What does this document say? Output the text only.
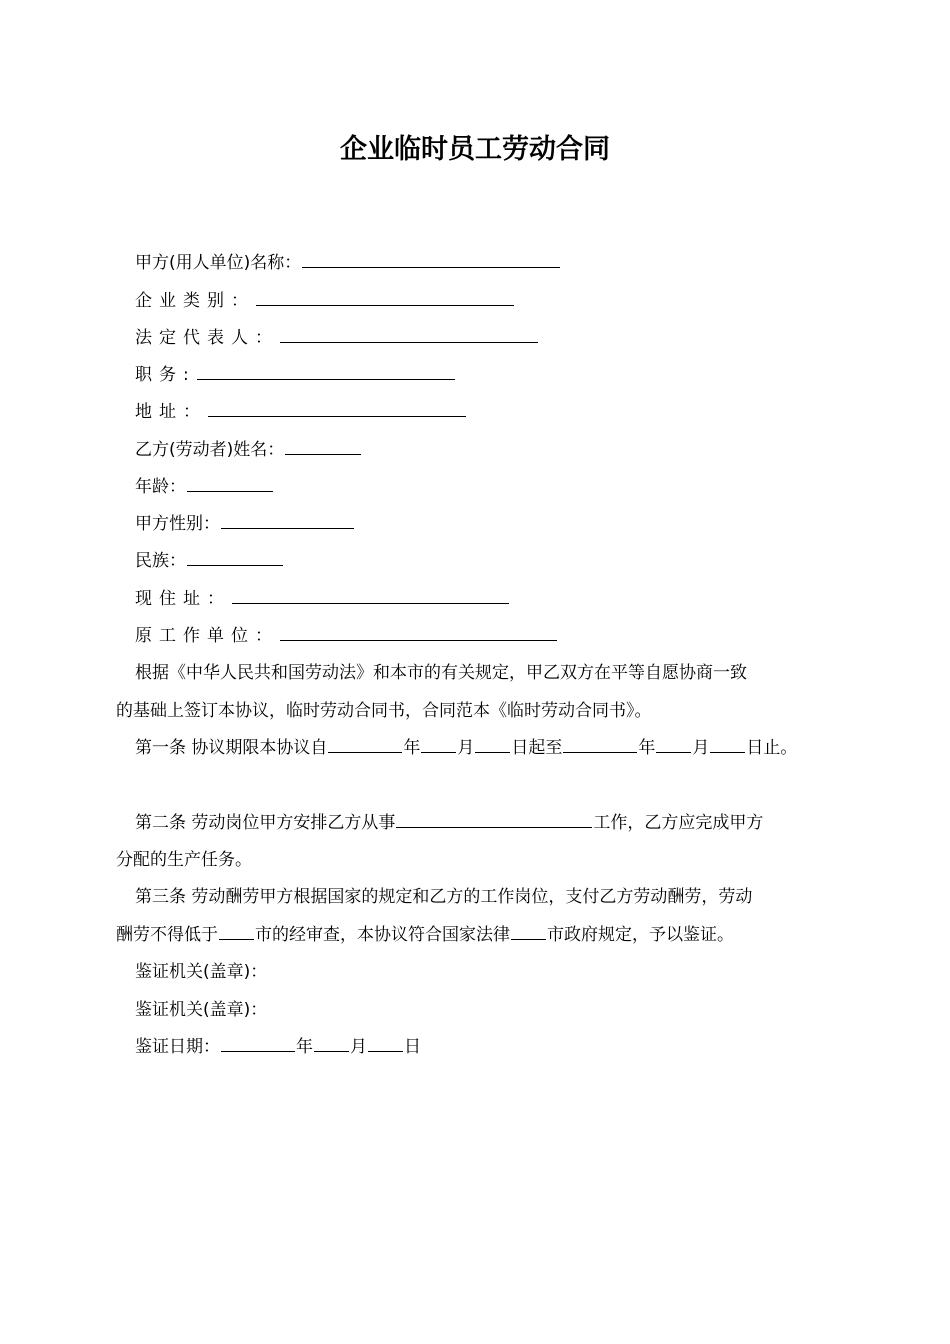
企业临时员工劳动合同
甲方(用人单位)名称：
企业类别：
法定代表人：
职务:
地址：
乙方(劳动者)姓名：
年龄：
甲方性别：
民族：
现住址：
原工作单位：
根据《中华人民共和国劳动法》和本市的有关规定，甲乙双方在平等自愿协商一致
的基础上签订本协议，临时劳动合同书，合同范本《临时劳动合同书》。
第一条 协议期限本协议自	年 月 日起至	年 月 日止。
第二条 劳动岗位甲方安排乙方从事	工作，乙方应完成甲方
分配的生产任务。
第三条 劳动酬劳甲方根据国家的规定和乙方的工作岗位，支付乙方劳动酬劳，劳动
酬劳不得低于 市的经审查，本协议符合国家法律 市政府规定，予以鉴证。
鉴证机关(盖章)：
鉴证机关(盖章)：
鉴证日期：	年 月 日
